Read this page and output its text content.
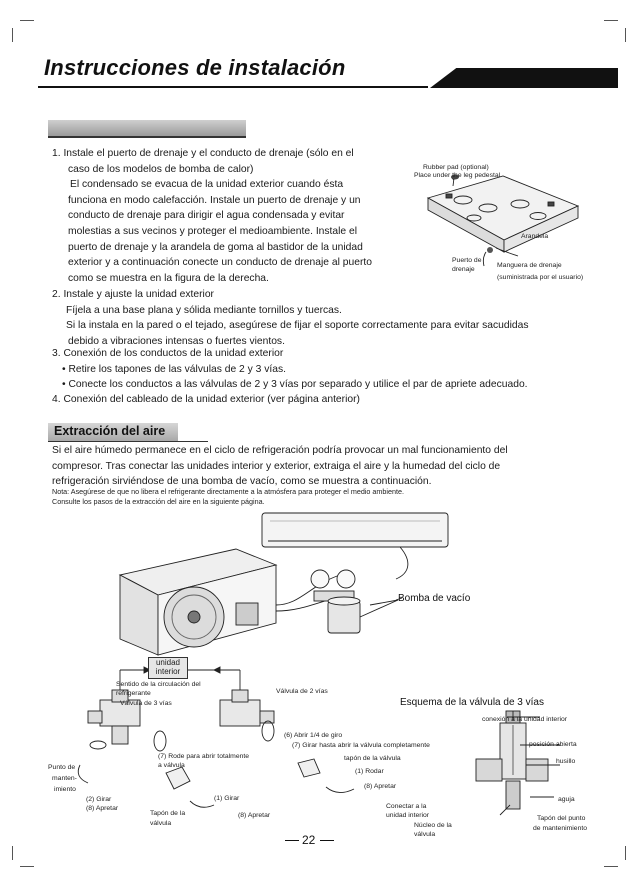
Instrucciones de instalación
1. Instale el puerto de drenaje y el conducto de drenaje (sólo en el
caso de los modelos de bomba de calor)
El condensado se evacua de la unidad exterior cuando ésta
funciona en modo calefacción. Instale un puerto de drenaje y un
conducto de drenaje para dirigir el agua condensada y evitar
molestias a sus vecinos y proteger el medioambiente. Instale el
puerto de drenaje y la arandela de goma al bastidor de la unidad
exterior y a continuación conecte un conducto de drenaje al puerto
como se muestra en la figura de la derecha.
2. Instale y ajuste la unidad exterior
Fíjela a una base plana y sólida mediante tornillos y tuercas.
Si la instala en la pared o el tejado, asegúrese de fijar el soporte correctamente para evitar sacudidas
debido a vibraciones intensas o fuertes vientos.
3. Conexión de los conductos de la unidad exterior
• Retire los tapones de las válvulas de 2 y 3 vías.
• Conecte los conductos a las válvulas de 2 y 3 vías por separado y utilice el par de apriete adecuado.
4. Conexión del cableado de la unidad exterior (ver página anterior)
Rubber pad (optional)
Place under the leg pedestal
Arandela
Puerto de
drenaje
Manguera de drenaje
(suministrada por el usuario)
Extracción del aire
Si el aire húmedo permanece en el ciclo de refrigeración podría provocar un mal funcionamiento del
compresor. Tras conectar las unidades interior y exterior, extraiga el aire y la humedad del ciclo de
refrigeración sirviéndose de una bomba de vacío, como se muestra a continuación.
Nota: Asegúrese de que no libera el refrigerante directamente a la atmósfera para proteger el medio ambiente.
Consulte los pasos de la extracción del aire en la siguiente página.
Bomba de vacío
unidad
interior
Sentido de la circulación del
refrigerante
Válvula de 3 vías
Válvula de 2 vías
(6) Abrir 1/4 de giro
(7) Girar hasta abrir la válvula completamente
tapón de la válvula
(1) Rodar
(8) Apretar
(7) Rode para abrir totalmente
a válvula
Punto de
manten-
imiento
(2) Girar
(8) Apretar
Tapón de la
válvula
(1) Girar
(8) Apretar
Esquema de la válvula de 3 vías
conexión a la unidad interior
posición abierta
husillo
aguja
Conectar a la
unidad interior
Núcleo de la
válvula
Tapón del punto
de mantenimiento
22
